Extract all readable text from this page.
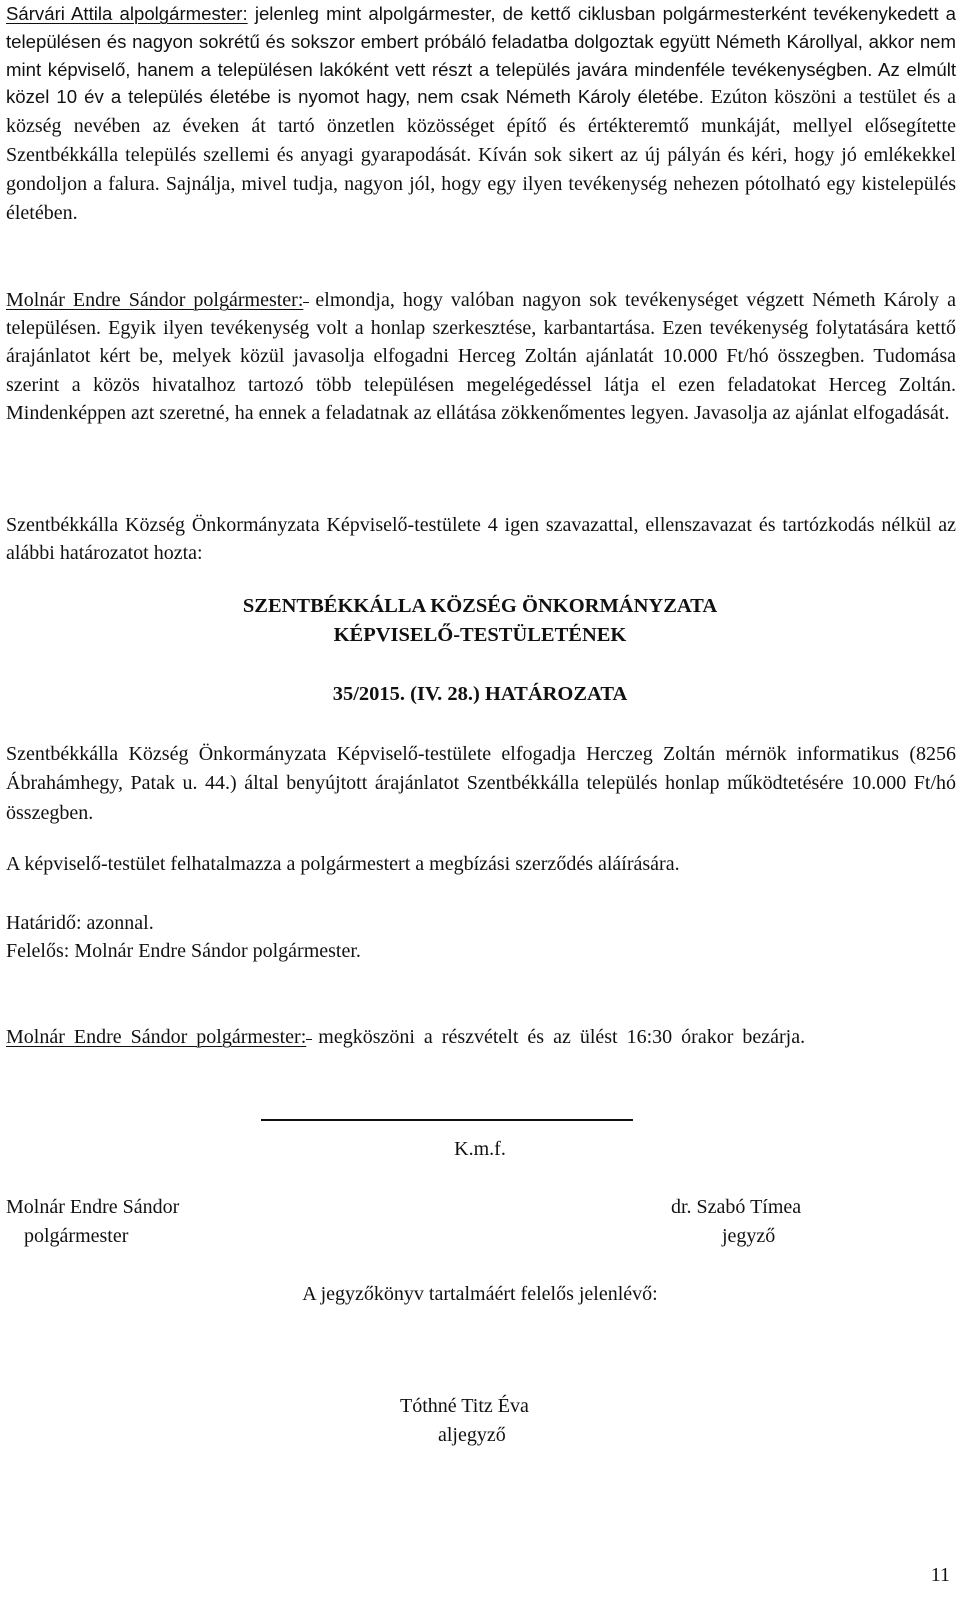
Sárvári Attila alpolgármester: jelenleg mint alpolgármester, de kettő ciklusban polgármesterként tevékenykedett a településen és nagyon sokrétű és sokszor embert próbáló feladatba dolgoztak együtt Németh Károllyal, akkor nem mint képviselő, hanem a településen lakóként vett részt a település javára mindenféle tevékenységben. Az elmúlt közel 10 év a település életébe is nyomot hagy, nem csak Németh Károly életébe. Ezúton köszöni a testület és a község nevében az éveken át tartó önzetlen közösséget építő és értékteremtő munkáját, mellyel elősegítette Szentbékkálla település szellemi és anyagi gyarapodását. Kíván sok sikert az új pályán és kéri, hogy jó emlékekkel gondoljon a falura. Sajnálja, mivel tudja, nagyon jól, hogy egy ilyen tevékenység nehezen pótolható egy kistelepülés életében.

Molnár Endre Sándor polgármester: elmondja, hogy valóban nagyon sok tevékenységet végzett Németh Károly a településen. Egyik ilyen tevékenység volt a honlap szerkesztése, karbantartása. Ezen tevékenység folytatására kettő árajánlatot kért be, melyek közül javasolja elfogadni Herceg Zoltán ajánlatát 10.000 Ft/hó összegben. Tudomása szerint a közös hivatalhoz tartozó több településen megelégedéssel látja el ezen feladatokat Herceg Zoltán. Mindenképpen azt szeretné, ha ennek a feladatnak az ellátása zökkenőmentes legyen. Javasolja az ajánlat elfogadását.

Szentbékkálla Község Önkormányzata Képviselő-testülete 4 igen szavazattal, ellenszavazat és tartózkodás nélkül az alábbi határozatot hozta:

SZENTBÉKKÁLLA KÖZSÉG ÖNKORMÁNYZATA

KÉPVISELŐ-TESTÜLETÉNEK

35/2015. (IV. 28.) HATÁROZATA

Szentbékkálla Község Önkormányzata Képviselő-testülete elfogadja Herczeg Zoltán mérnök informatikus (8256 Ábrahámhegy, Patak u. 44.) által benyújtott árajánlatot Szentbékkálla település honlap működtetésére 10.000 Ft/hó összegben.

A képviselő-testület felhatalmazza a polgármestert a megbízási szerződés aláírására.

Határidő: azonnal.

Felelős: Molnár Endre Sándor polgármester.

Molnár Endre Sándor polgármester: megköszöni a részvételt és az ülést 16:30 órakor bezárja.

K.m.f.

Molnár Endre Sándor

polgármester

dr. Szabó Tímea

jegyző

A jegyzőkönyv tartalmáért felelős jelenlévő:

Tóthné Titz Éva

aljegyző

11
